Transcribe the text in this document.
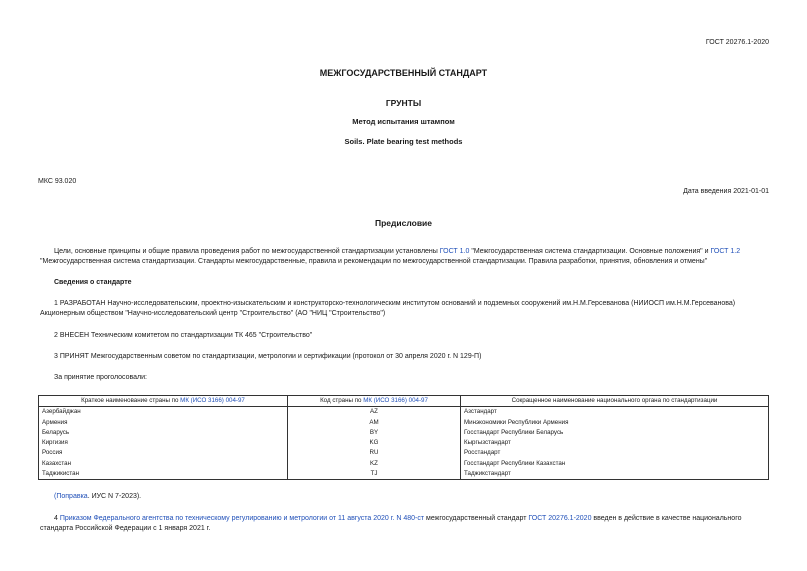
ГОСТ 20276.1-2020
МЕЖГОСУДАРСТВЕННЫЙ СТАНДАРТ
ГРУНТЫ
Метод испытания штампом
Soils. Plate bearing test methods
МКС 93.020
Дата введения 2021-01-01
Предисловие
Цели, основные принципы и общие правила проведения работ по межгосударственной стандартизации установлены ГОСТ 1.0 "Межгосударственная система стандартизации. Основные положения" и ГОСТ 1.2 "Межгосударственная система стандартизации. Стандарты межгосударственные, правила и рекомендации по межгосударственной стандартизации. Правила разработки, принятия, обновления и отмены"
Сведения о стандарте
1 РАЗРАБОТАН Научно-исследовательским, проектно-изыскательским и конструкторско-технологическим институтом оснований и подземных сооружений им.Н.М.Герсеванова (НИИОСП им.Н.М.Герсеванова) Акционерным обществом "Научно-исследовательский центр "Строительство" (АО "НИЦ "Строительство")
2 ВНЕСЕН Техническим комитетом по стандартизации ТК 465 "Строительство"
3 ПРИНЯТ Межгосударственным советом по стандартизации, метрологии и сертификации (протокол от 30 апреля 2020 г. N 129-П)
За принятие проголосовали:
Краткое наименование страны по МК (ИСО 3166) 004-97	Код страны по МК (ИСО 3166) 004-97	Сокращенное наименование национального органа по стандартизации
Азербайджан	AZ	Азстандарт
Армения	AM	Минэкономики Республики Армения
Беларусь	BY	Госстандарт Республики Беларусь
Киргизия	KG	Кыргызстандарт
Россия	RU	Росстандарт
Казахстан	KZ	Госстандарт Республики Казахстан
Таджикистан	TJ	Таджикстандарт
(Поправка. ИУС N 7-2023).
4 Приказом Федерального агентства по техническому регулированию и метрологии от 11 августа 2020 г. N 480-ст межгосударственный стандарт ГОСТ 20276.1-2020 введен в действие в качестве национального стандарта Российской Федерации с 1 января 2021 г.
